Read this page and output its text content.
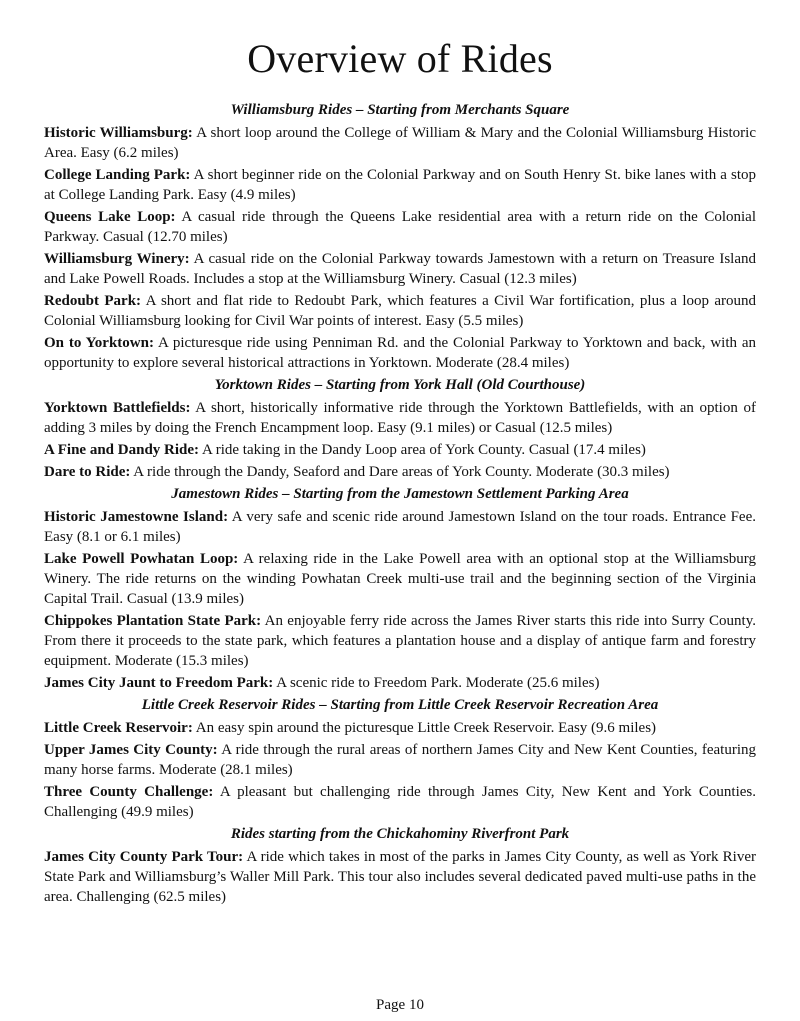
Overview of Rides
Williamsburg Rides – Starting from Merchants Square
Historic Williamsburg: A short loop around the College of William & Mary and the Colonial Williamsburg Historic Area. Easy (6.2 miles)
College Landing Park: A short beginner ride on the Colonial Parkway and on South Henry St. bike lanes with a stop at College Landing Park. Easy (4.9 miles)
Queens Lake Loop: A casual ride through the Queens Lake residential area with a return ride on the Colonial Parkway. Casual (12.70 miles)
Williamsburg Winery: A casual ride on the Colonial Parkway towards Jamestown with a return on Treasure Island and Lake Powell Roads. Includes a stop at the Williamsburg Winery. Casual (12.3 miles)
Redoubt Park: A short and flat ride to Redoubt Park, which features a Civil War fortification, plus a loop around Colonial Williamsburg looking for Civil War points of interest. Easy (5.5 miles)
On to Yorktown: A picturesque ride using Penniman Rd. and the Colonial Parkway to Yorktown and back, with an opportunity to explore several historical attractions in Yorktown. Moderate (28.4 miles)
Yorktown Rides – Starting from York Hall (Old Courthouse)
Yorktown Battlefields: A short, historically informative ride through the Yorktown Battlefields, with an option of adding 3 miles by doing the French Encampment loop. Easy (9.1 miles) or Casual (12.5 miles)
A Fine and Dandy Ride: A ride taking in the Dandy Loop area of York County. Casual (17.4 miles)
Dare to Ride: A ride through the Dandy, Seaford and Dare areas of York County. Moderate (30.3 miles)
Jamestown Rides – Starting from the Jamestown Settlement Parking Area
Historic Jamestowne Island: A very safe and scenic ride around Jamestown Island on the tour roads. Entrance Fee. Easy (8.1 or 6.1 miles)
Lake Powell Powhatan Loop: A relaxing ride in the Lake Powell area with an optional stop at the Williamsburg Winery. The ride returns on the winding Powhatan Creek multi-use trail and the beginning section of the Virginia Capital Trail. Casual (13.9 miles)
Chippokes Plantation State Park: An enjoyable ferry ride across the James River starts this ride into Surry County. From there it proceeds to the state park, which features a plantation house and a display of antique farm and forestry equipment. Moderate (15.3 miles)
James City Jaunt to Freedom Park: A scenic ride to Freedom Park. Moderate (25.6 miles)
Little Creek Reservoir Rides – Starting from Little Creek Reservoir Recreation Area
Little Creek Reservoir: An easy spin around the picturesque Little Creek Reservoir. Easy (9.6 miles)
Upper James City County: A ride through the rural areas of northern James City and New Kent Counties, featuring many horse farms. Moderate (28.1 miles)
Three County Challenge: A pleasant but challenging ride through James City, New Kent and York Counties. Challenging (49.9 miles)
Rides starting from the Chickahominy Riverfront Park
James City County Park Tour: A ride which takes in most of the parks in James City County, as well as York River State Park and Williamsburg’s Waller Mill Park. This tour also includes several dedicated paved multi-use paths in the area. Challenging (62.5 miles)
Page 10
